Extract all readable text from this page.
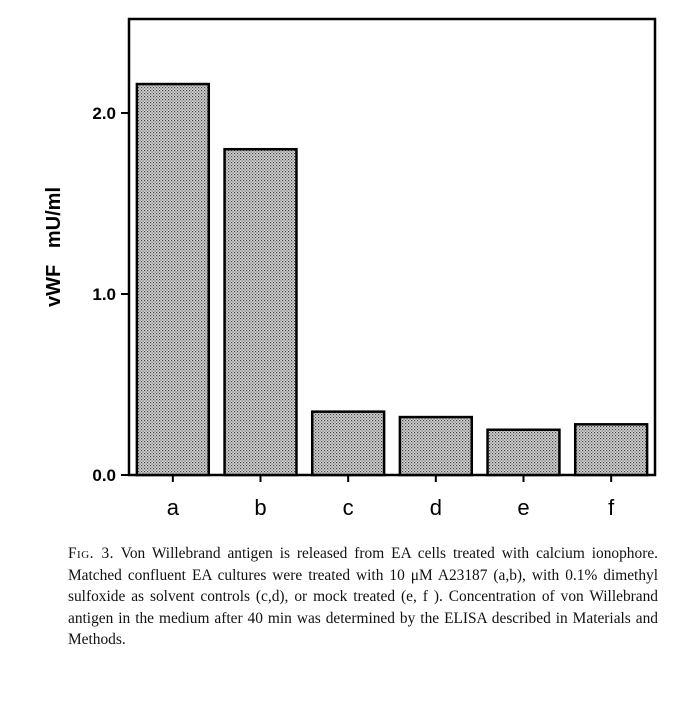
0.0
1.0
2.0
a	b	c	d	e	f
vWF   mU/ml
Fig. 3. Von Willebrand antigen is released from EA cells treated with calcium ionophore. Matched confluent EA cultures were treated with 10 μM A23187 (a,b), with 0.1% dimethyl sulfoxide as solvent controls (c,d), or mock treated (e, f ). Concentration of von Willebrand antigen in the medium after 40 min was determined by the ELISA described in Materials and Methods.
